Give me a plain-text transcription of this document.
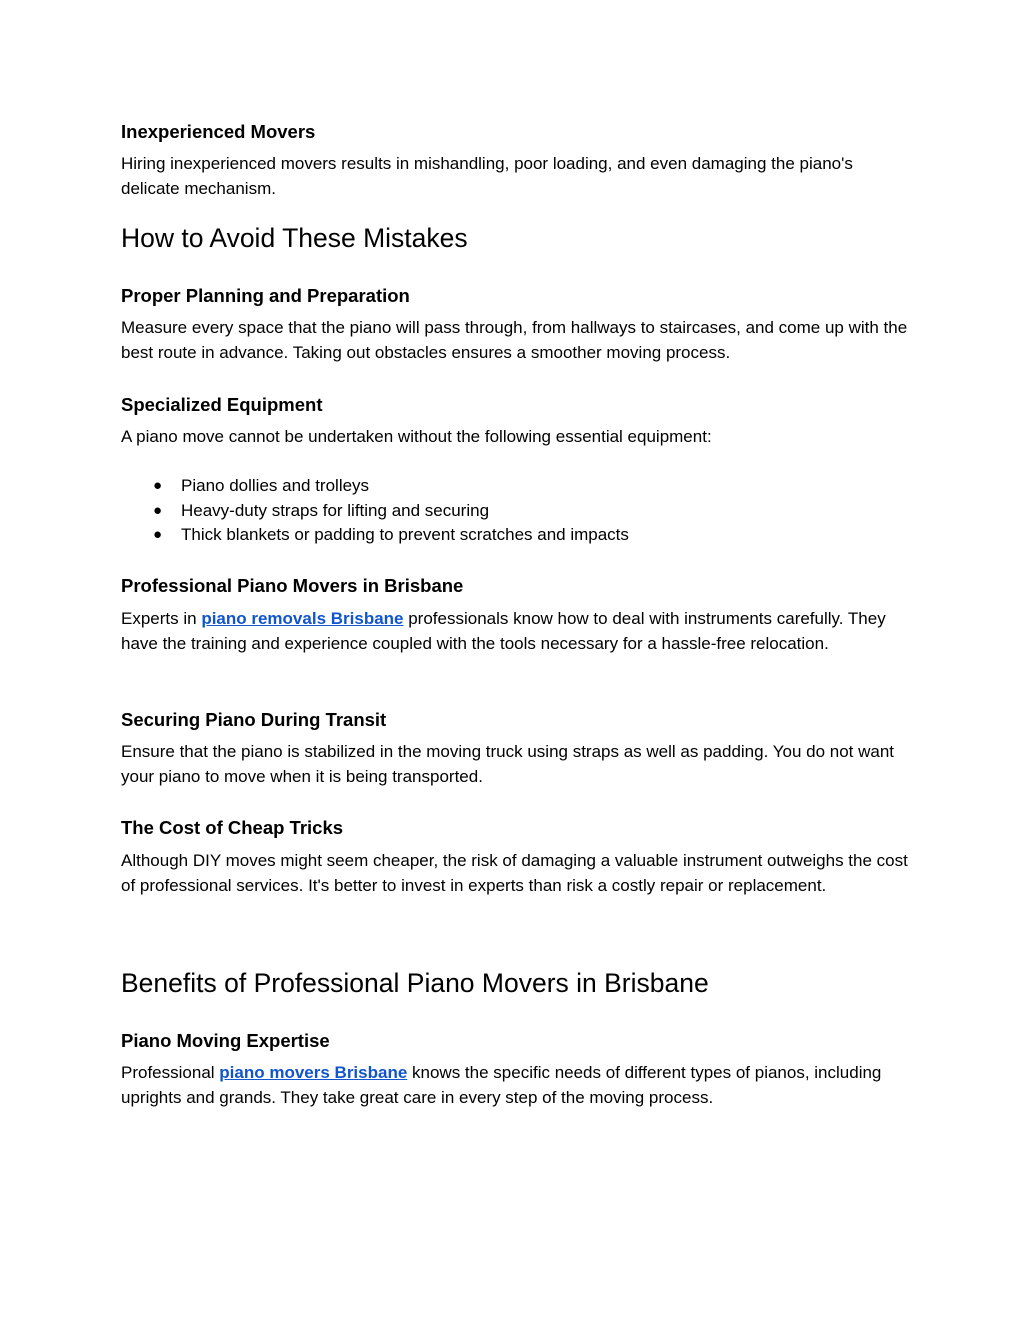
Inexperienced Movers
Hiring inexperienced movers results in mishandling, poor loading, and even damaging the piano's delicate mechanism.
How to Avoid These Mistakes
Proper Planning and Preparation
Measure every space that the piano will pass through, from hallways to staircases, and come up with the best route in advance. Taking out obstacles ensures a smoother moving process.
Specialized Equipment
A piano move cannot be undertaken without the following essential equipment:
● Piano dollies and trolleys
● Heavy-duty straps for lifting and securing
● Thick blankets or padding to prevent scratches and impacts
Professional Piano Movers in Brisbane
Experts in piano removals Brisbane professionals know how to deal with instruments carefully. They have the training and experience coupled with the tools necessary for a hassle-free relocation.
Securing Piano During Transit
Ensure that the piano is stabilized in the moving truck using straps as well as padding. You do not want your piano to move when it is being transported.
The Cost of Cheap Tricks
Although DIY moves might seem cheaper, the risk of damaging a valuable instrument outweighs the cost of professional services. It's better to invest in experts than risk a costly repair or replacement.
Benefits of Professional Piano Movers in Brisbane
Piano Moving Expertise
Professional piano movers Brisbane knows the specific needs of different types of pianos, including uprights and grands. They take great care in every step of the moving process.
